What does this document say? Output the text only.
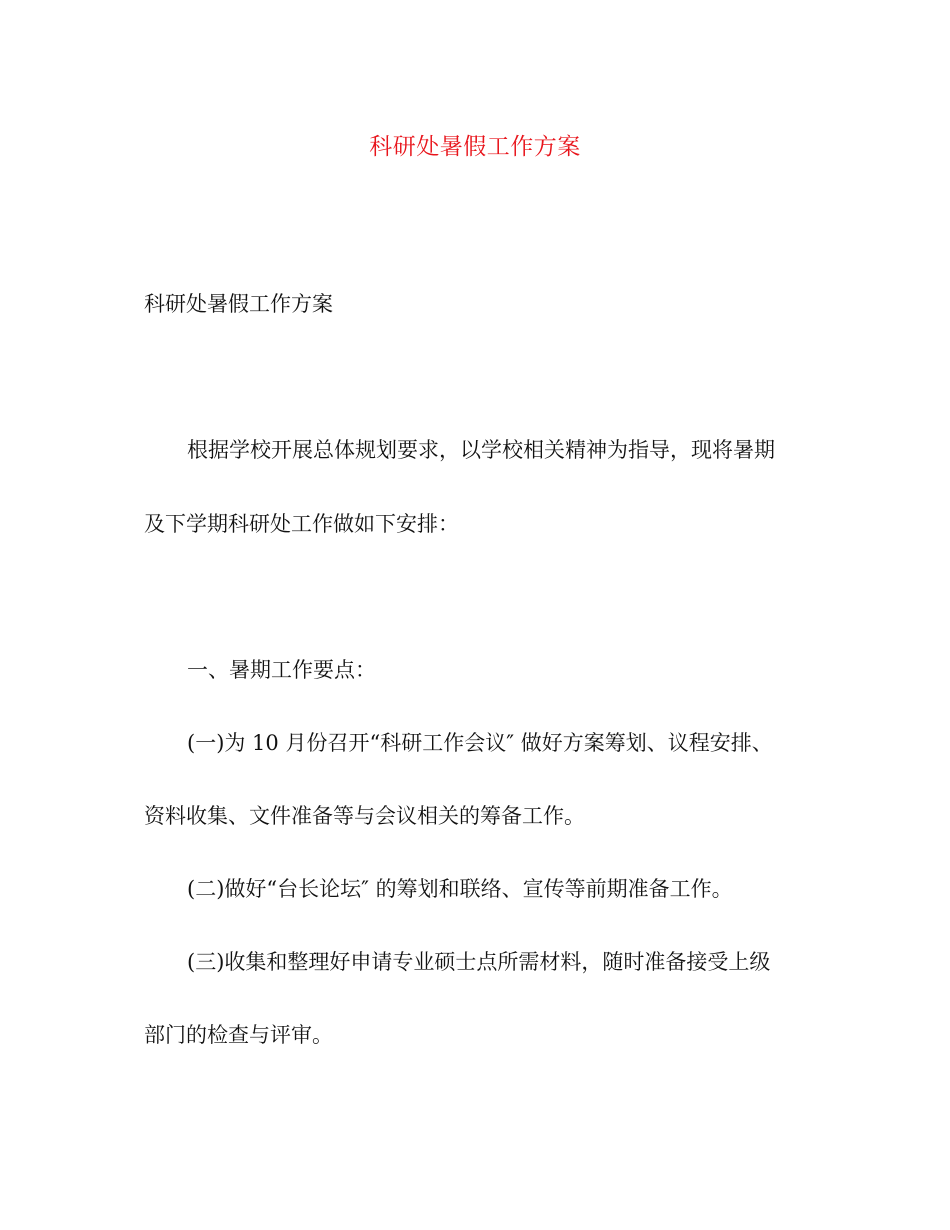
科研处暑假工作方案

科研处暑假工作方案

根据学校开展总体规划要求，以学校相关精神为指导，现将暑期

及下学期科研处工作做如下安排：

一、暑期工作要点：

(一)为 10 月份召开“科研工作会议″ 做好方案筹划、议程安排、

资料收集、文件准备等与会议相关的筹备工作。

(二)做好“台长论坛″ 的筹划和联络、宣传等前期准备工作。

(三)收集和整理好申请专业硕士点所需材料，随时准备接受上级

部门的检查与评审。
